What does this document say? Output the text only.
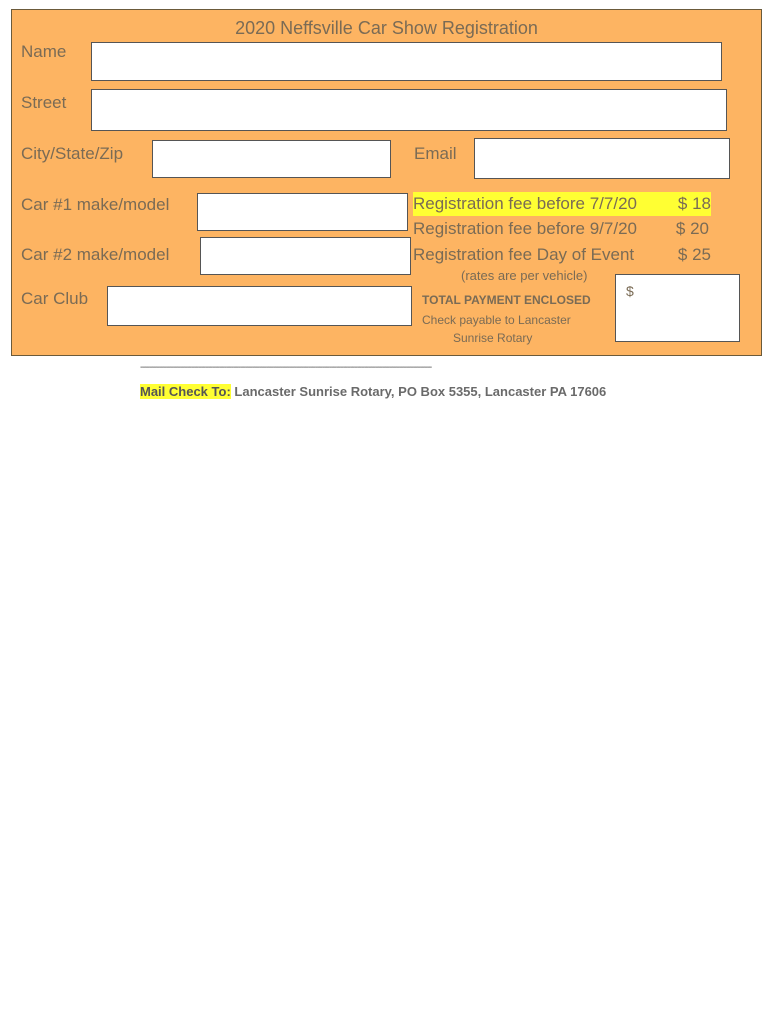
2020 Neffsville Car Show Registration
Name
Street
City/State/Zip	Email
Car #1 make/model
Car #2 make/model
Car Club
Registration fee before 7/7/20 $ 18
Registration fee before 9/7/20 $ 20
Registration fee Day of Event	$ 25
(rates are per vehicle)
TOTAL PAYMENT ENCLOSED
Check payable to Lancaster
Sunrise Rotary
$
-----------------------------------------------------------------------------------------------------------------------------
Mail Check To: Lancaster Sunrise Rotary, PO Box 5355, Lancaster PA 17606
